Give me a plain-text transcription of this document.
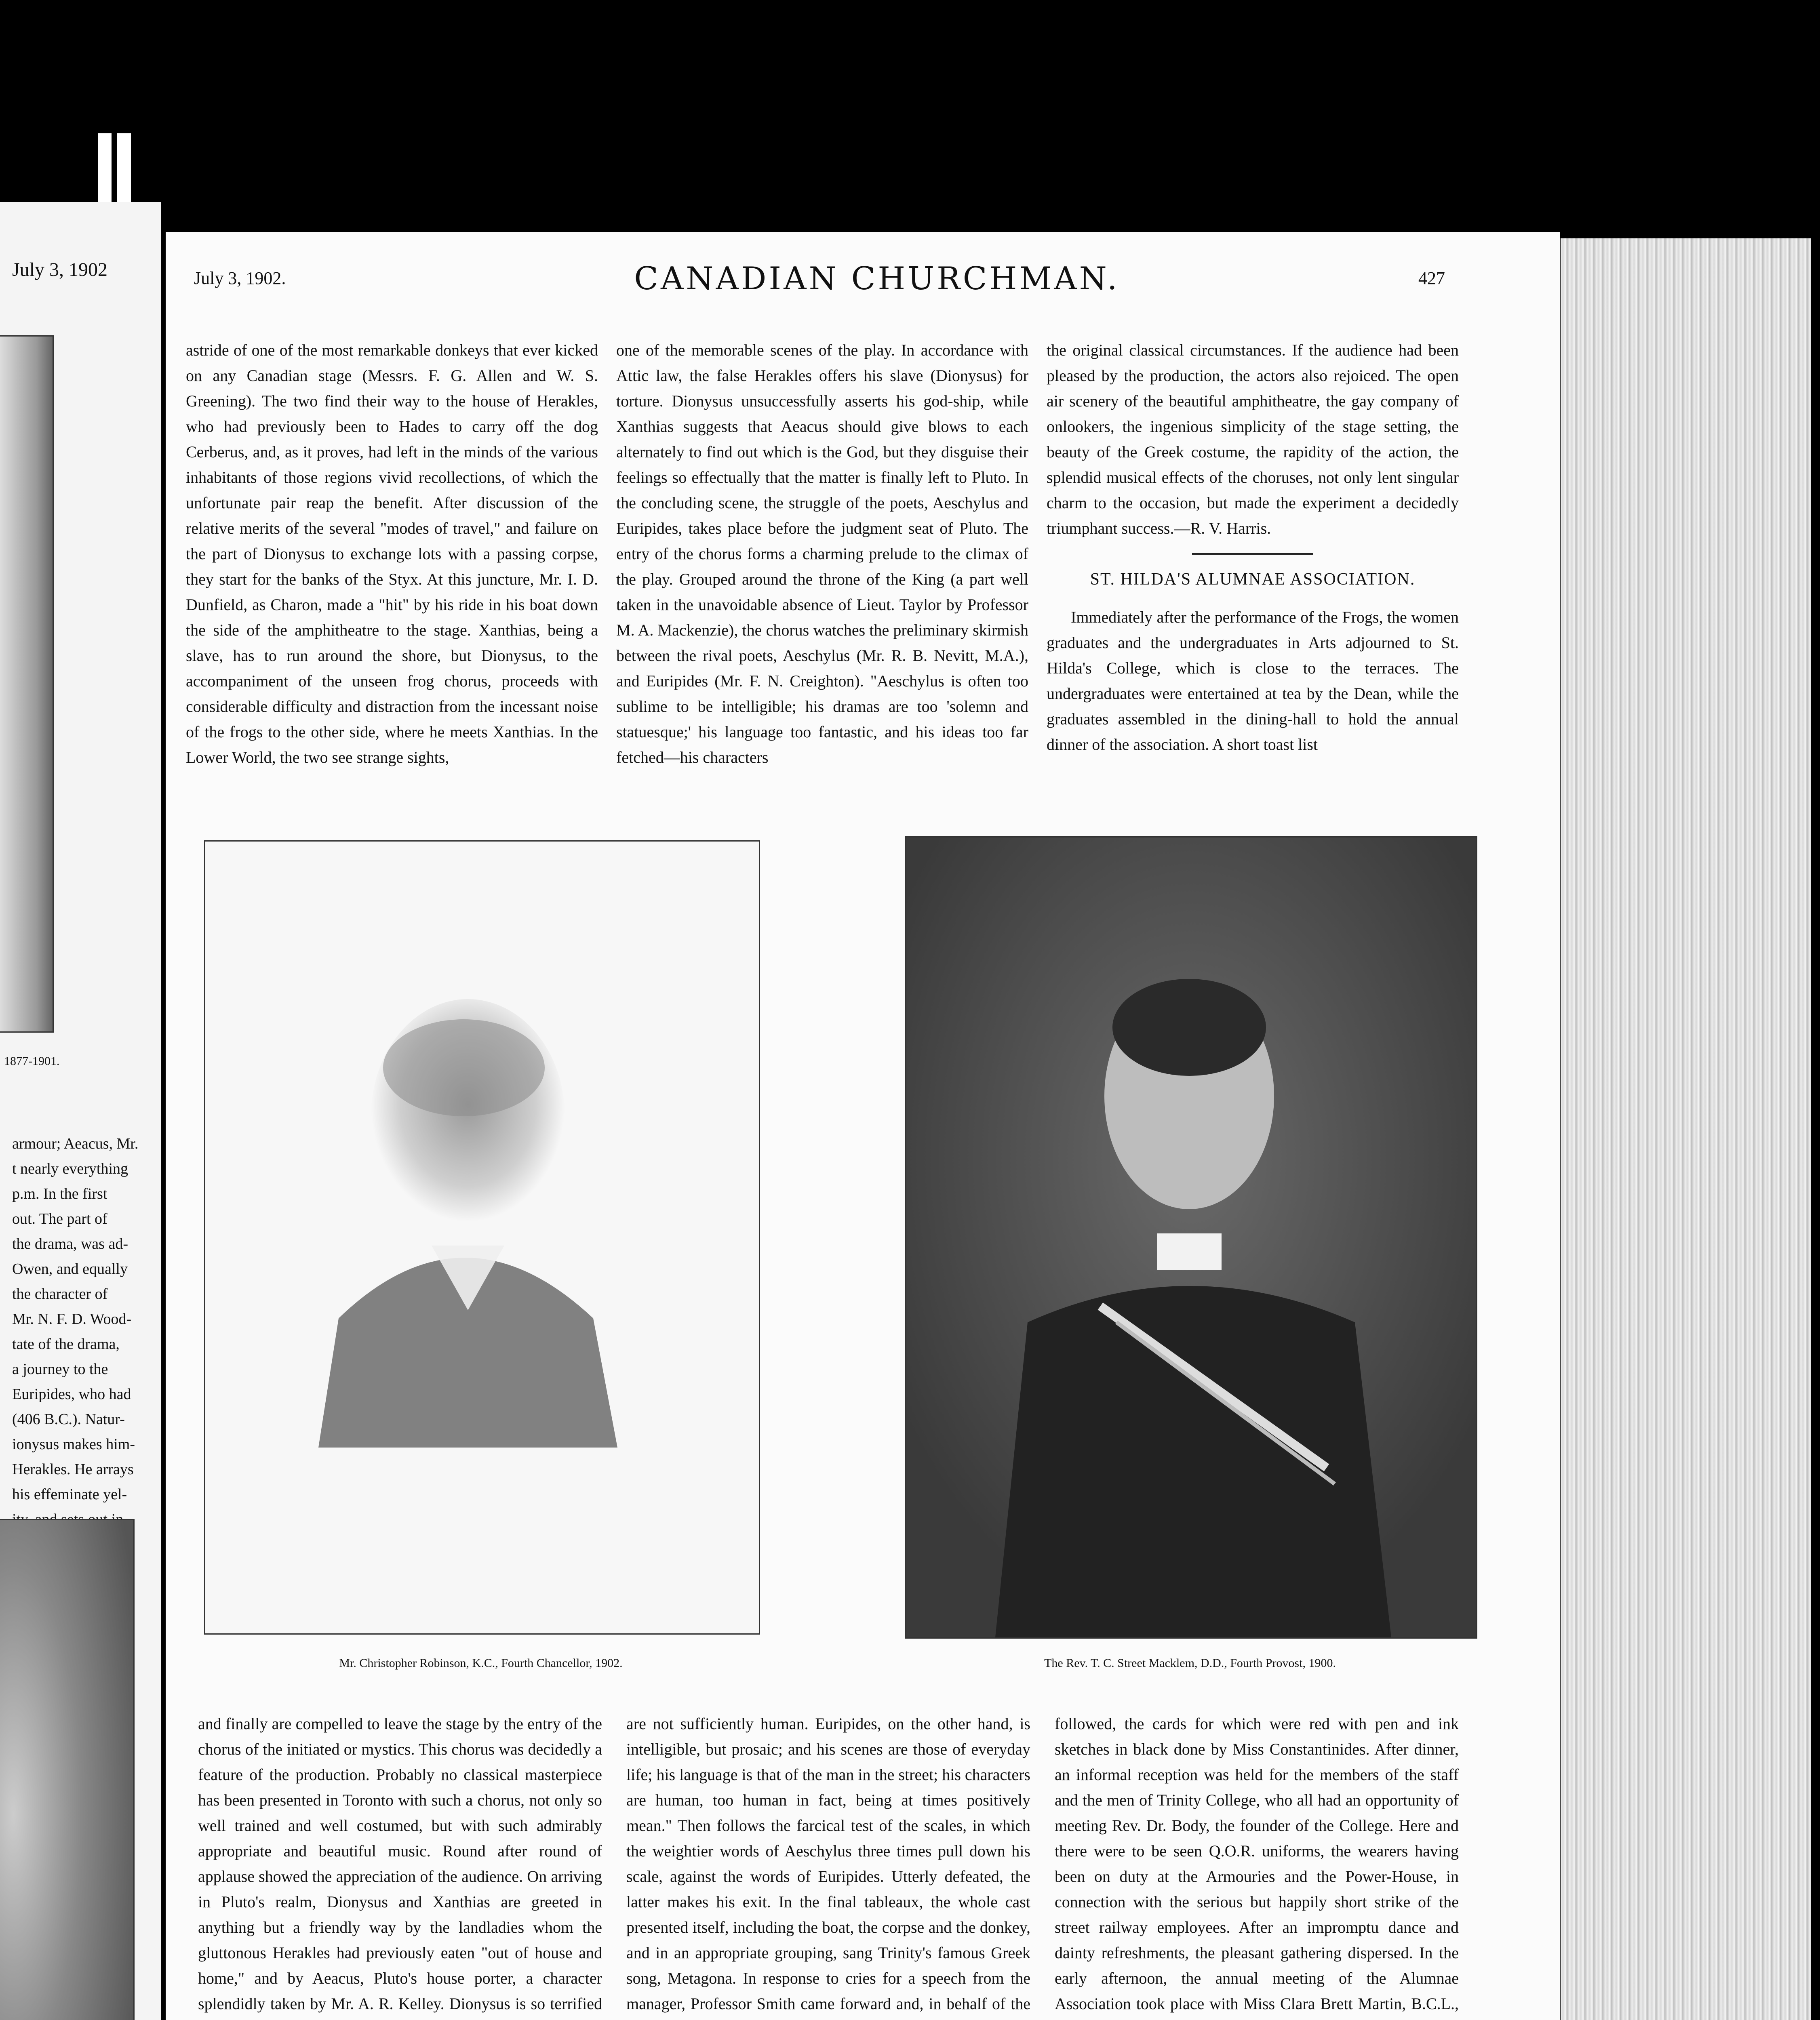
July 3, 1902
1877-1901.

armour; Aeacus, Mr.

t nearly everything

p.m. In the first

out. The part of

the drama, was ad-

Owen, and equally

the character of

Mr. N. F. D. Wood-

tate of the drama,

a journey to the

Euripides, who had

(406 B.C.). Natur-

ionysus makes him-

Herakles. He arrays

his effeminate yel-

July 3, 1902.	CANADIAN CHURCHMAN.	427

astride of one of the most remarkable donkeys that ever kicked on any Canadian stage (Messrs. F. G. Allen and W. S. Greening). The two find their way to the house of Herakles, who had previously been to Hades to carry off the dog Cerberus, and, as it proves, had left in the minds of the various inhabitants of those regions vivid recollections, of which the unfortunate pair reap the benefit. After discussion of the relative merits of the several "modes of travel," and failure on the part of Dionysus to exchange lots with a passing corpse, they start for the banks of the Styx. At this juncture, Mr. I. D. Dunfield, as Charon, made a "hit" by his ride in his boat down the side of the amphitheatre to the stage. Xanthias, being a slave, has to run around the shore, but Dionysus, to the accompaniment of the unseen frog chorus, proceeds with considerable difficulty and distraction from the incessant noise of the frogs to the other side, where he meets Xanthias. In the Lower World, the two see strange sights,

one of the memorable scenes of the play. In accordance with Attic law, the false Herakles offers his slave (Dionysus) for torture. Dionysus unsuccessfully asserts his god-ship, while Xanthias suggests that Aeacus should give blows to each alternately to find out which is the God, but they disguise their feelings so effectually that the matter is finally left to Pluto. In the concluding scene, the struggle of the poets, Aeschylus and Euripides, takes place before the judgment seat of Pluto. The entry of the chorus forms a charming prelude to the climax of the play. Grouped around the throne of the King (a part well taken in the unavoidable absence of Lieut. Taylor by Professor M. A. Mackenzie), the chorus watches the preliminary skirmish between the rival poets, Aeschylus (Mr. R. B. Nevitt, M.A.), and Euripides (Mr. F. N. Creighton). "Aeschylus is often too sublime to be intelligible; his dramas are too 'solemn and statuesque;' his language too fantastic, and his ideas too far fetched—his characters

the original classical circumstances. If the audience had been pleased by the production, the actors also rejoiced. The open air scenery of the beautiful amphitheatre, the gay company of onlookers, the ingenious simplicity of the stage setting, the beauty of the Greek costume, the rapidity of the action, the splendid musical effects of the choruses, not only lent singular charm to the occasion, but made the experiment a decidedly triumphant success.—R. V. Harris.

ST. HILDA'S ALUMNAE ASSOCIATION.

Immediately after the performance of the Frogs, the women graduates and the undergraduates in Arts adjourned to St. Hilda's College, which is close to the terraces. The undergraduates were entertained at tea by the Dean, while the graduates assembled in the dining-hall to hold the annual dinner of the association. A short toast list

Mr. Christopher Robinson, K.C., Fourth Chancellor, 1902.	The Rev. T. C. Street Macklem, D.D., Fourth Provost, 1900.

and finally are compelled to leave the stage by the entry of the chorus of the initiated or mystics. This chorus was decidedly a feature of the production. Probably no classical masterpiece has been presented in Toronto with such a chorus, not only so well trained and well costumed, but with such admirably appropriate and beautiful music. Round after round of applause showed the appreciation of the audience. On arriving in Pluto's realm, Dionysus and Xanthias are greeted in anything but a friendly way by the landladies whom the gluttonous Herakles had previously eaten "out of house and home," and by Aeacus, Pluto's house porter, a character splendidly taken by Mr. A. R. Kelley. Dionysus is so terrified

are not sufficiently human. Euripides, on the other hand, is intelligible, but prosaic; and his scenes are those of everyday life; his language is that of the man in the street; his characters are human, too human in fact, being at times positively mean." Then follows the farcical test of the scales, in which the weightier words of Aeschylus three times pull down his scale, against the words of Euripides. Utterly defeated, the latter makes his exit. In the final tableaux, the whole cast presented itself, including the boat, the corpse and the donkey, and in an appropriate grouping, sang Trinity's famous Greek song, Metagona. In response to cries for a speech from the manager, Professor Smith came forward and, in behalf of the

followed, the cards for which were red with pen and ink sketches in black done by Miss Constantinides. After dinner, an informal reception was held for the members of the staff and the men of Trinity College, who all had an opportunity of meeting Rev. Dr. Body, the founder of the College. Here and there were to be seen Q.O.R. uniforms, the wearers having been on duty at the Armouries and the Power-House, in connection with the serious but happily short strike of the street railway employees. After an impromptu dance and dainty refreshments, the pleasant gathering dispersed. In the early afternoon, the annual meeting of the Alumnae Association took place with Miss Clara Brett Martin, B.C.L.,
